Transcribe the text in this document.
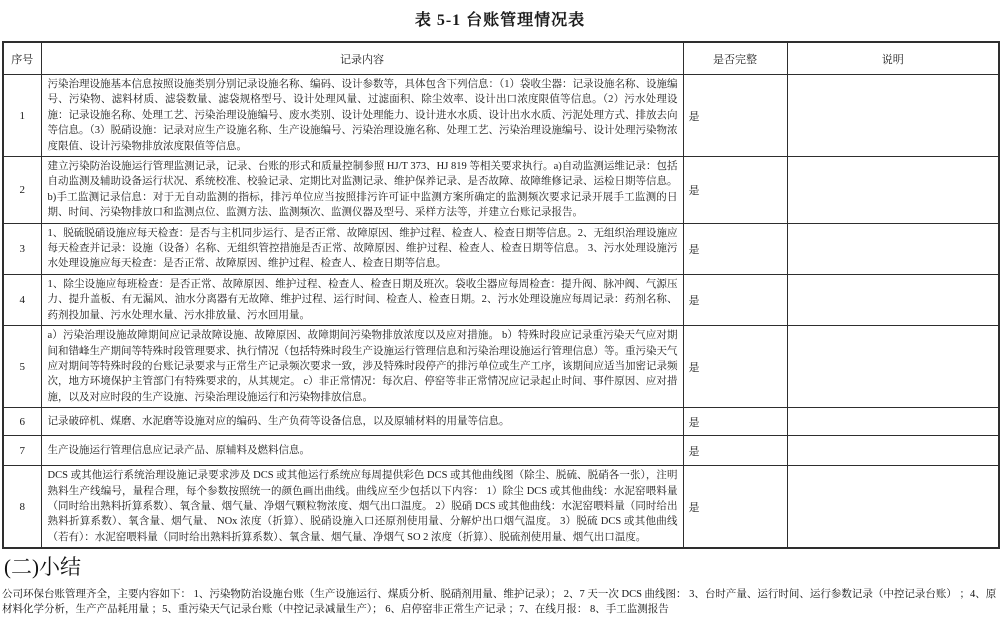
表 5-1 台账管理情况表
序号	记录内容	是否完整	说明
1	污染治理设施基本信息按照设施类别分别记录设施名称、编码、设计参数等，具体包含下列信息：（1）袋收尘器：记录设施名称、设施编号、污染物、滤料材质、滤袋数量、滤袋规格型号、设计处理风量、过滤面积、除尘效率、设计出口浓度限值等信息。（2）污水处理设施：记录设施名称、处理工艺、污染治理设施编号、废水类别、设计处理能力、设计进水水质、设计出水水质、污泥处理方式、排放去向等信息。（3）脱硝设施：记录对应生产设施名称、生产设施编号、污染治理设施名称、处理工艺、污染治理设施编号、设计处理污染物浓度限值、设计污染物排放浓度限值等信息。	是	
2	建立污染防治设施运行管理监测记录，记录、台账的形式和质量控制参照 HJ/T 373、HJ 819 等相关要求执行。a)自动监测运维记录：包括自动监测及辅助设备运行状况、系统校准、校验记录、定期比对监测记录、维护保养记录、是否故障、故障维修记录、运检日期等信息。 b)手工监测记录信息：对于无自动监测的指标，排污单位应当按照排污许可证中监测方案所确定的监测频次要求记录开展手工监测的日期、时间、污染物排放口和监测点位、监测方法、监测频次、监测仪器及型号、采样方法等，并建立台账记录报告。	是	
3	1、脱硫脱硝设施应每天检查：是否与主机同步运行、是否正常、故障原因、维护过程、检查人、检查日期等信息。2、无组织治理设施应每天检查并记录：设施（设备）名称、无组织管控措施是否正常、故障原因、维护过程、检查人、检查日期等信息。 3、污水处理设施污水处理设施应每天检查：是否正常、故障原因、维护过程、检查人、检查日期等信息。	是	
4	1、除尘设施应每班检查：是否正常、故障原因、维护过程、检查人、检查日期及班次。袋收尘器应每周检查：提升阀、脉冲阀、气源压力、提升盖板、有无漏风、油水分离器有无故障、维护过程、运行时间、检查人、检查日期。2、污水处理设施应每周记录：药剂名称、药剂投加量、污水处理水量、污水排放量、污水回用量。	是	
5	a）污染治理设施故障期间应记录故障设施、故障原因、故障期间污染物排放浓度以及应对措施。 b）特殊时段应记录重污染天气应对期间和错峰生产期间等特殊时段管理要求、执行情况（包括特殊时段生产设施运行管理信息和污染治理设施运行管理信息）等。重污染天气应对期间等特殊时段的台账记录要求与正常生产记录频次要求一致，涉及特殊时段停产的排污单位或生产工序，该期间应适当加密记录频次，地方环境保护主管部门有特殊要求的，从其规定。 c）非正常情况：每次启、停窑等非正常情况应记录起止时间、事件原因、应对措施，以及对应时段的生产设施、污染治理设施运行和污染物排放信息。	是	
6	记录破碎机、煤磨、水泥磨等设施对应的编码、生产负荷等设备信息，以及原辅材料的用量等信息。	是	
7	生产设施运行管理信息应记录产品、原辅料及燃料信息。	是	
8	DCS 或其他运行系统治理设施记录要求涉及 DCS 或其他运行系统应每周提供彩色 DCS 或其他曲线图（除尘、脱硫、脱硝各一张），注明熟料生产线编号，量程合理，每个参数按照统一的颜色画出曲线。曲线应至少包括以下内容： 1）除尘 DCS 或其他曲线：水泥窑喂料量（同时给出熟料折算系数）、氧含量、烟气量、净烟气颗粒物浓度、烟气出口温度。 2）脱硝 DCS 或其他曲线：水泥窑喂料量（同时给出熟料折算系数）、氧含量、烟气量、 NOx 浓度（折算）、脱硝设施入口还原剂使用量、分解炉出口烟气温度。 3）脱硫 DCS 或其他曲线（若有）：水泥窑喂料量（同时给出熟料折算系数）、氧含量、烟气量、净烟气 SO 2 浓度（折算）、脱硫剂使用量、烟气出口温度。	是	
(二)小结
公司环保台账管理齐全，主要内容如下： 1、污染物防治设施台账（生产设施运行、煤质分析、脱硝剂用量、维护记录）； 2、7 天一次 DCS 曲线图： 3、台时产量、运行时间、运行参数记录（中控记录台账） ；4、原材料化学分析，生产产品耗用量 ；5、重污染天气记录台账（中控记录减量生产）； 6、启停窑非正常生产记录 ；7、在线月报： 8、手工监测报告
